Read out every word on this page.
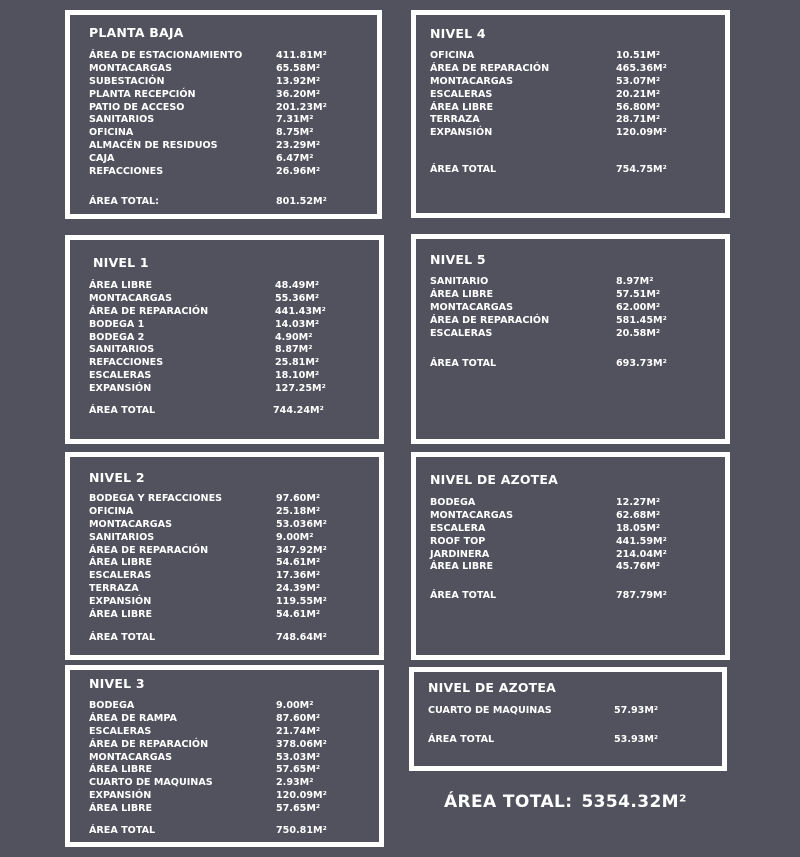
PLANTA BAJA
ÁREA DE ESTACIONAMIENTO	411.81M²
MONTACARGAS	65.58M²
SUBESTACIÓN	13.92M²
PLANTA RECEPCIÓN	36.20M²
PATIO DE ACCESO	201.23M²
SANITARIOS	7.31M²
OFICINA	8.75M²
ALMACÉN DE RESIDUOS	23.29M²
CAJA	6.47M²
REFACCIONES	26.96M²
ÁREA TOTAL:	801.52M²
NIVEL 4
OFICINA	10.51M²
ÁREA DE REPARACIÓN	465.36M²
MONTACARGAS	53.07M²
ESCALERAS	20.21M²
ÁREA LIBRE	56.80M²
TERRAZA	28.71M²
EXPANSIÓN	120.09M²
ÁREA TOTAL	754.75M²
NIVEL 1
ÁREA LIBRE	48.49M²
MONTACARGAS	55.36M²
ÁREA DE REPARACIÓN	441.43M²
BODEGA 1	14.03M²
BODEGA 2	4.90M²
SANITARIOS	8.87M²
REFACCIONES	25.81M²
ESCALERAS	18.10M²
EXPANSIÓN	127.25M²
ÁREA TOTAL	744.24M²
NIVEL 5
SANITARIO	8.97M²
ÁREA LIBRE	57.51M²
MONTACARGAS	62.00M²
ÁREA DE REPARACIÓN	581.45M²
ESCALERAS	20.58M²
ÁREA TOTAL	693.73M²
NIVEL 2
BODEGA Y REFACCIONES	97.60M²
OFICINA	25.18M²
MONTACARGAS	53.036M²
SANITARIOS	9.00M²
ÁREA DE REPARACIÓN	347.92M²
ÁREA LIBRE	54.61M²
ESCALERAS	17.36M²
TERRAZA	24.39M²
EXPANSIÓN	119.55M²
ÁREA LIBRE	54.61M²
ÁREA TOTAL	748.64M²
NIVEL DE AZOTEA
BODEGA	12.27M²
MONTACARGAS	62.68M²
ESCALERA	18.05M²
ROOF TOP	441.59M²
JARDINERA	214.04M²
ÁREA LIBRE	45.76M²
ÁREA TOTAL	787.79M²
NIVEL 3
BODEGA	9.00M²
ÁREA DE RAMPA	87.60M²
ESCALERAS	21.74M²
ÁREA DE REPARACIÓN	378.06M²
MONTACARGAS	53.03M²
ÁREA LIBRE	57.65M²
CUARTO DE MAQUINAS	2.93M²
EXPANSIÓN	120.09M²
ÁREA LIBRE	57.65M²
ÁREA TOTAL	750.81M²
NIVEL DE AZOTEA
CUARTO DE MAQUINAS	57.93M²
ÁREA TOTAL	53.93M²
ÁREA TOTAL: 5354.32M²
